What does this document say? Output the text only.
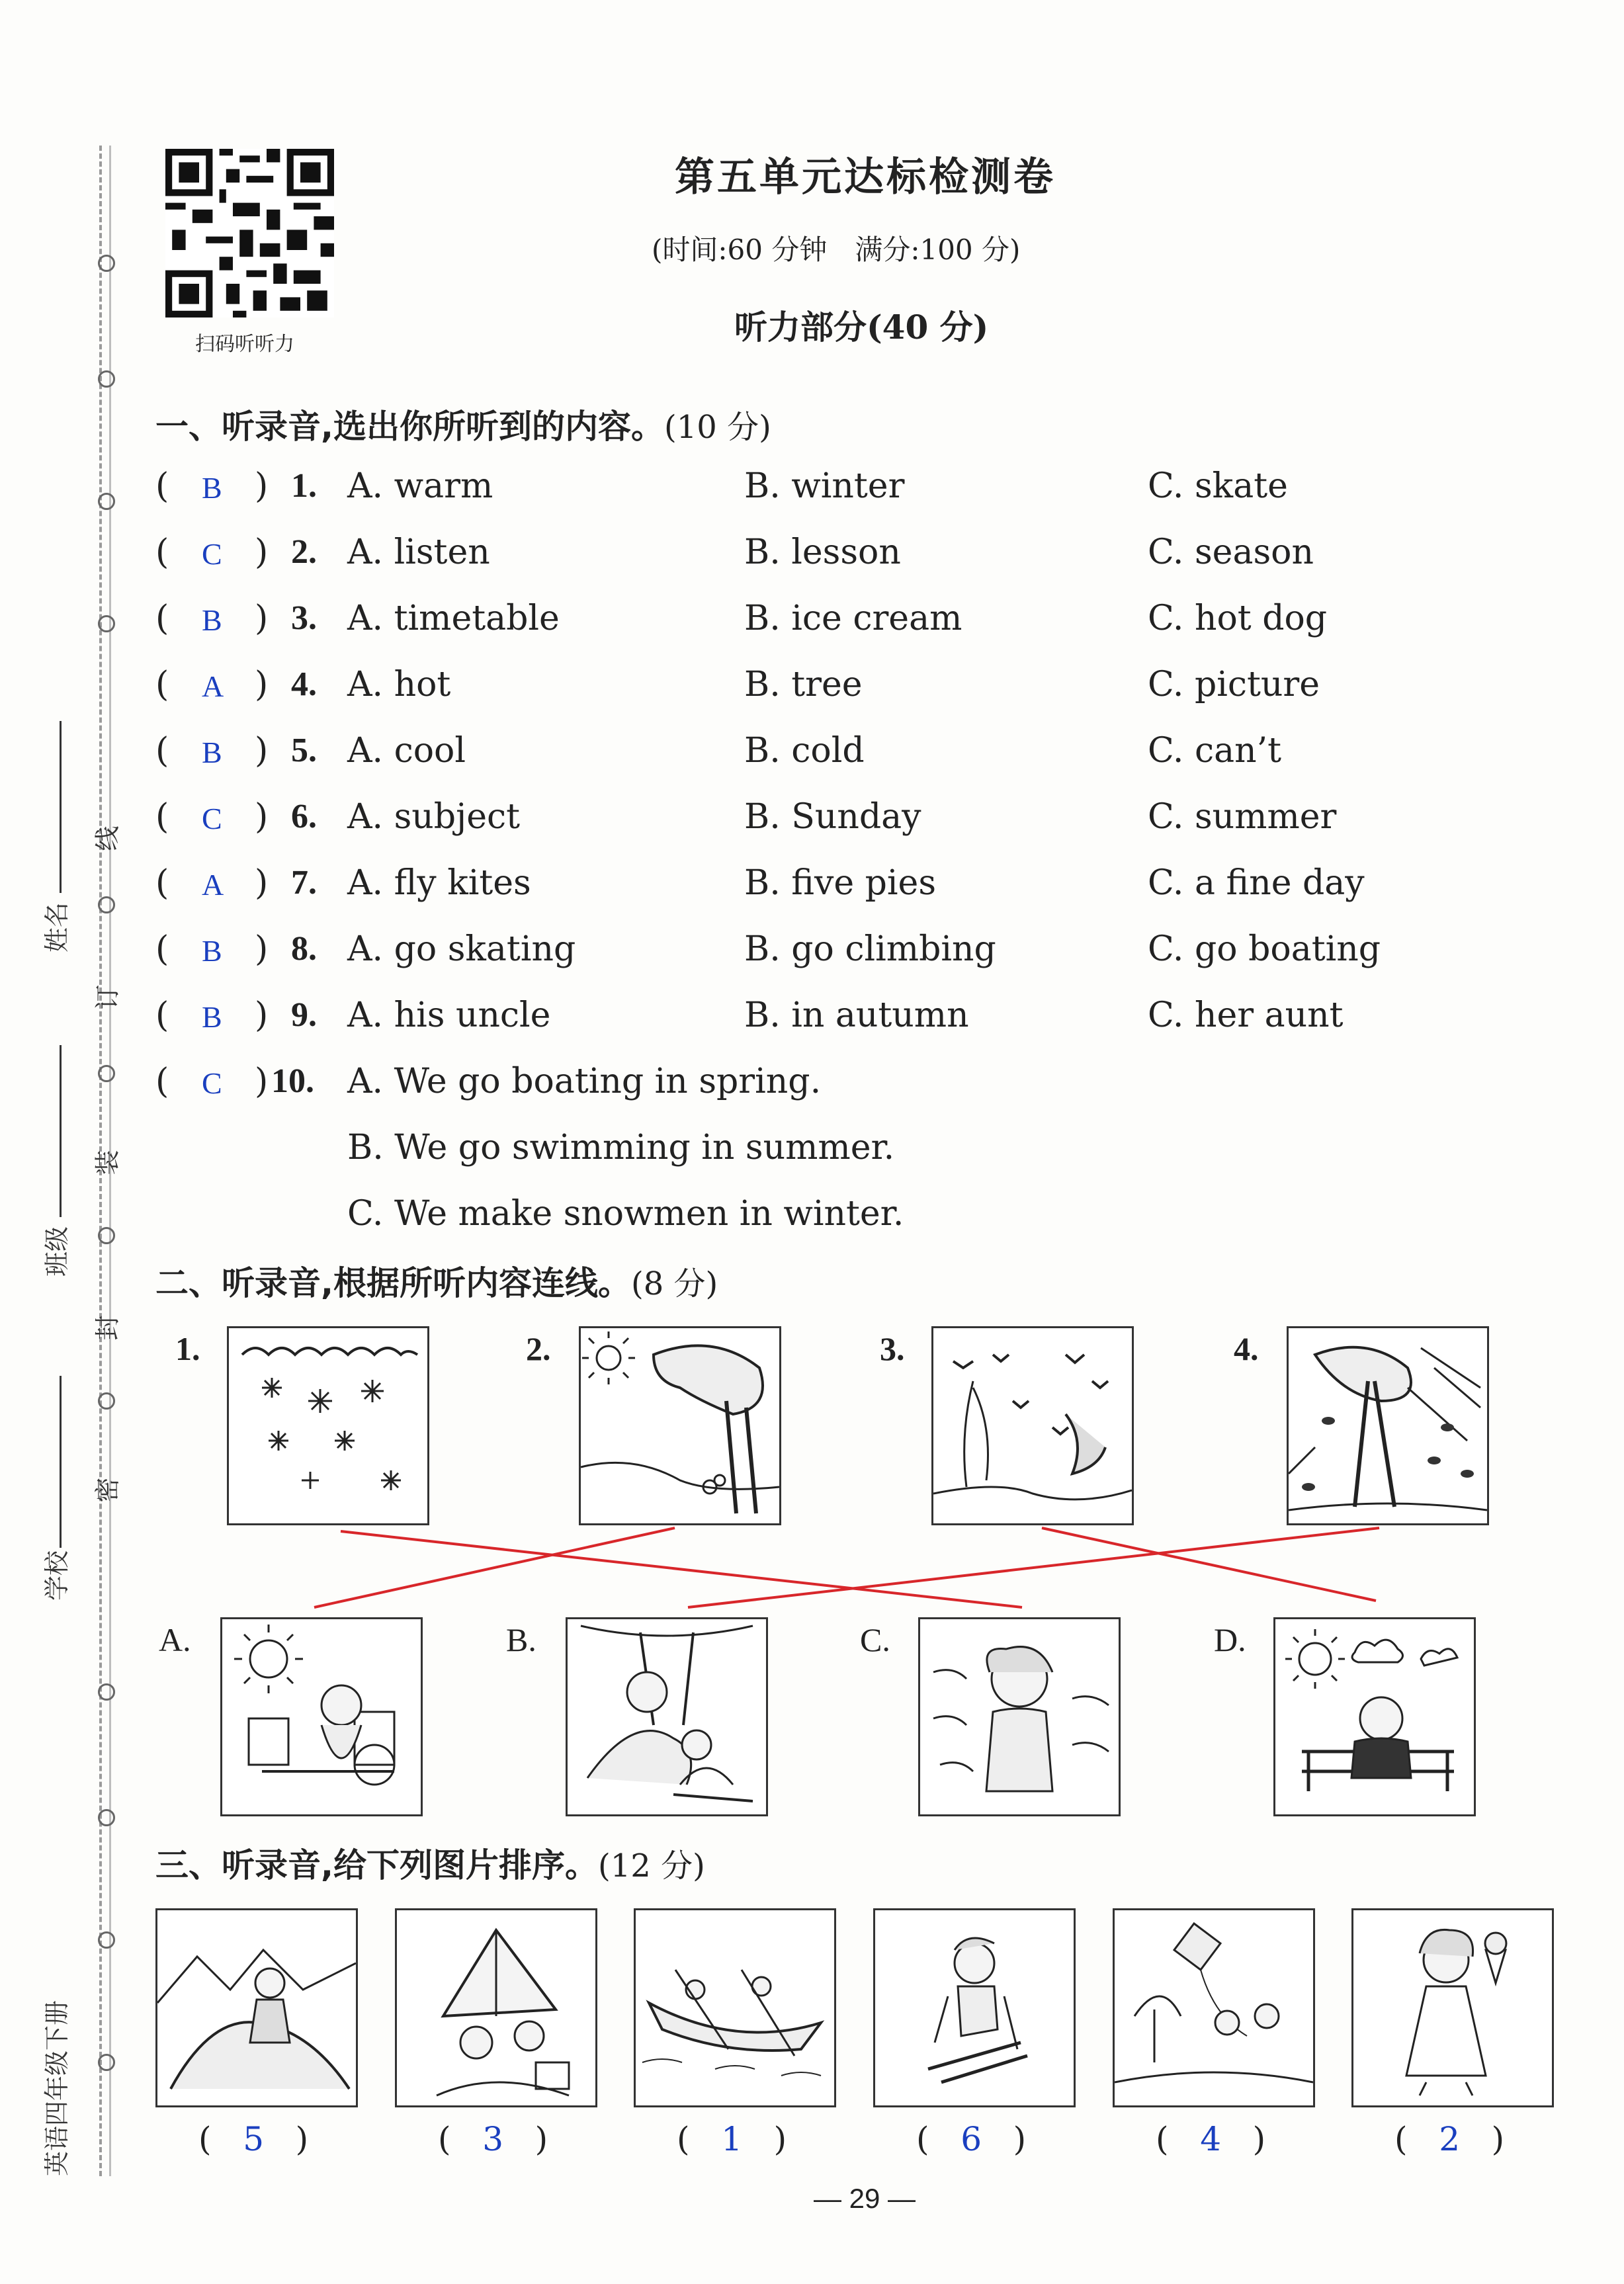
姓名
班级
学校
英语四年级下册
线
订
装
封
密
扫码听听力
第五单元达标检测卷
(时间:60 分钟　满分:100 分)
听力部分(40 分)
一、听录音,选出你所听到的内容。(10 分)
( B ) 1. A. warm	B. winter	C. skate
( C ) 2. A. listen	B. lesson	C. season
( B ) 3. A. timetable	B. ice cream	C. hot dog
( A ) 4. A. hot	B. tree	C. picture
( B ) 5. A. cool	B. cold	C. can’t
( C ) 6. A. subject	B. Sunday	C. summer
( A ) 7. A. fly kites	B. five pies	C. a fine day
( B ) 8. A. go skating	B. go climbing	C. go boating
( B ) 9. A. his uncle	B. in autumn	C. her aunt
( C ) 10. A. We go boating in spring.
B. We go swimming in summer.
C. We make snowmen in winter.
二、听录音,根据所听内容连线。(8 分)
1.	2.	3.	4.
A.	B.	C.	D.
三、听录音,给下列图片排序。(12 分)
(   5   )	(   3   )	(   1   )	(   6   )	(   4   )	(   2   )
— 29 —
